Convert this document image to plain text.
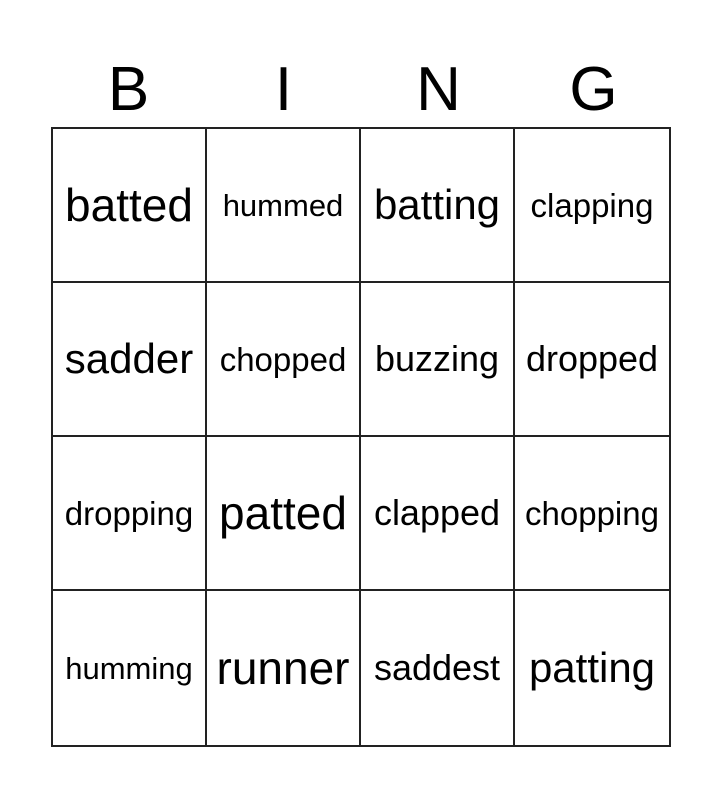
B	I	N	G
batted hummed batting clapping
sadder chopped buzzing dropped
dropping patted clapped chopping
humming runner saddest patting
